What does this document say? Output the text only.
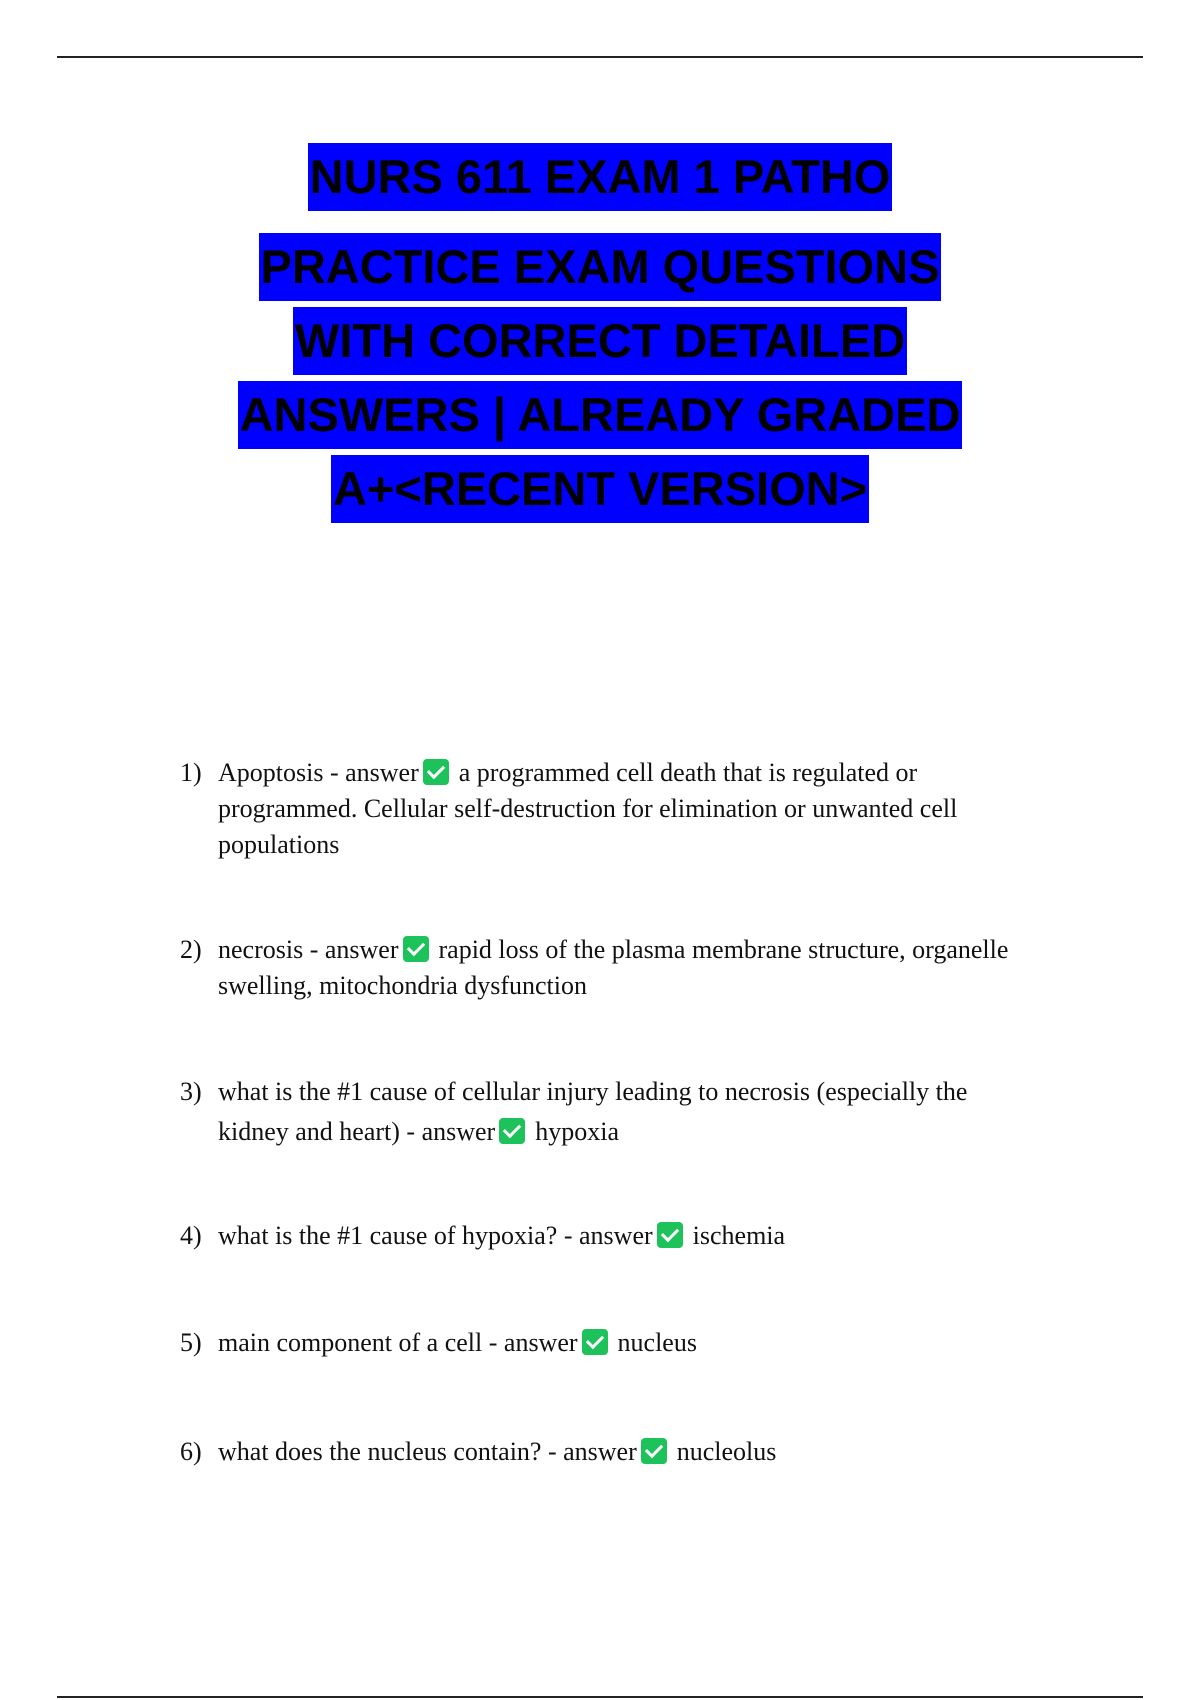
NURS 611 EXAM 1 PATHO
PRACTICE EXAM QUESTIONS
WITH CORRECT DETAILED
ANSWERS | ALREADY GRADED
A+<RECENT VERSION>
1) Apoptosis - answer a programmed cell death that is regulated or programmed. Cellular self-destruction for elimination or unwanted cell populations
2) necrosis - answer rapid loss of the plasma membrane structure, organelle swelling, mitochondria dysfunction
3) what is the #1 cause of cellular injury leading to necrosis (especially the kidney and heart) - answer hypoxia
4) what is the #1 cause of hypoxia? - answer ischemia
5) main component of a cell - answer nucleus
6) what does the nucleus contain? - answer nucleolus
